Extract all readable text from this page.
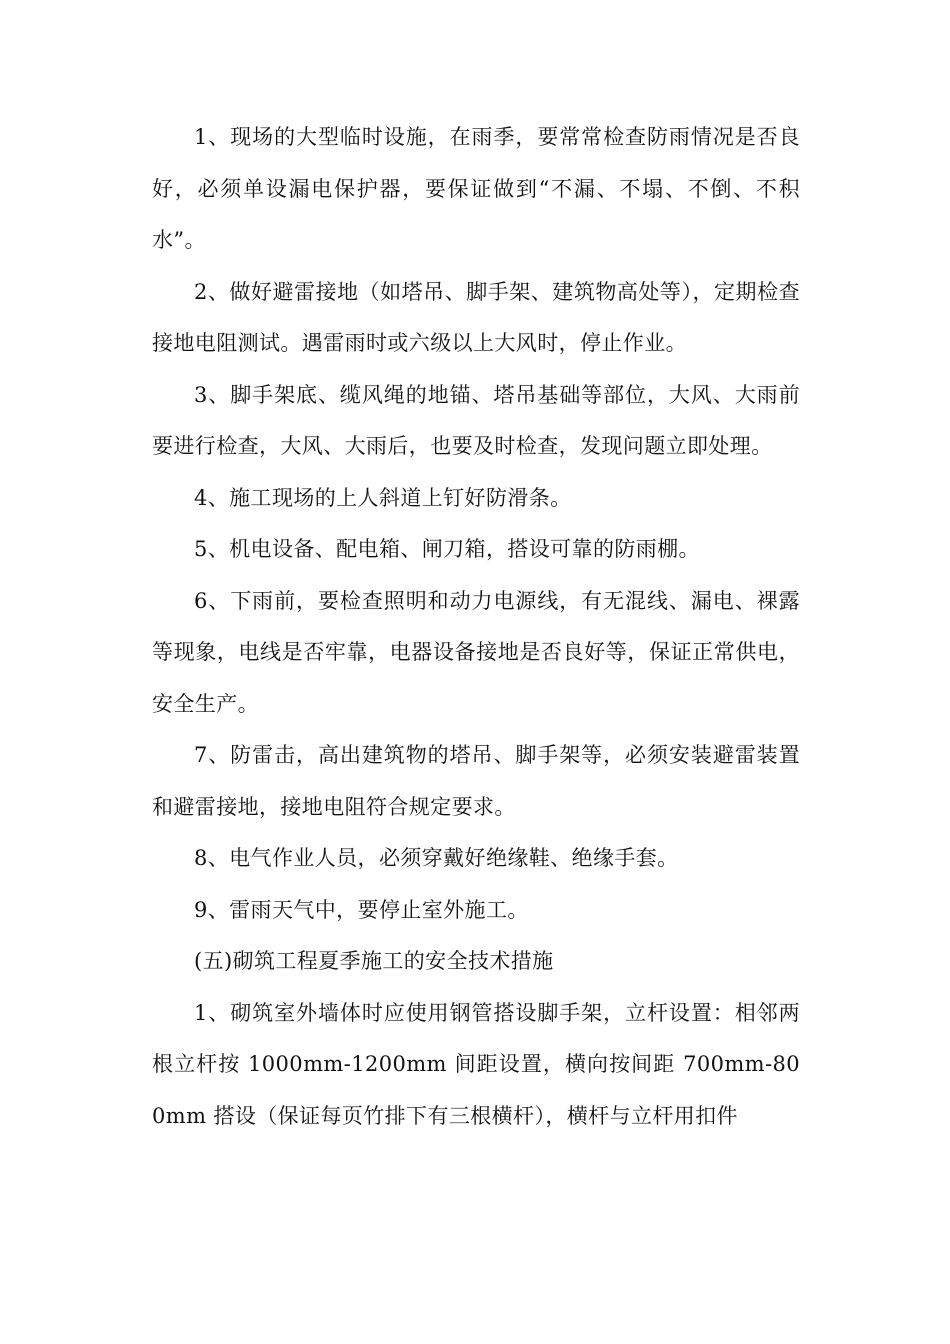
1、现场的大型临时设施，在雨季，要常常检查防雨情况是否良好，必须单设漏电保护器，要保证做到“不漏、不塌、不倒、不积水”。

2、做好避雷接地（如塔吊、脚手架、建筑物高处等），定期检查接地电阻测试。遇雷雨时或六级以上大风时，停止作业。

3、脚手架底、缆风绳的地锚、塔吊基础等部位，大风、大雨前要进行检查，大风、大雨后，也要及时检查，发现问题立即处理。

4、施工现场的上人斜道上钉好防滑条。

5、机电设备、配电箱、闸刀箱，搭设可靠的防雨棚。

6、下雨前，要检查照明和动力电源线，有无混线、漏电、裸露等现象，电线是否牢靠，电器设备接地是否良好等，保证正常供电，安全生产。

7、防雷击，高出建筑物的塔吊、脚手架等，必须安装避雷装置和避雷接地，接地电阻符合规定要求。

8、电气作业人员，必须穿戴好绝缘鞋、绝缘手套。

9、雷雨天气中，要停止室外施工。

(五)砌筑工程夏季施工的安全技术措施

1、砌筑室外墙体时应使用钢管搭设脚手架，立杆设置：相邻两根立杆按 1000mm-1200mm 间距设置，横向按间距 700mm-800mm 搭设（保证每页竹排下有三根横杆），横杆与立杆用扣件
